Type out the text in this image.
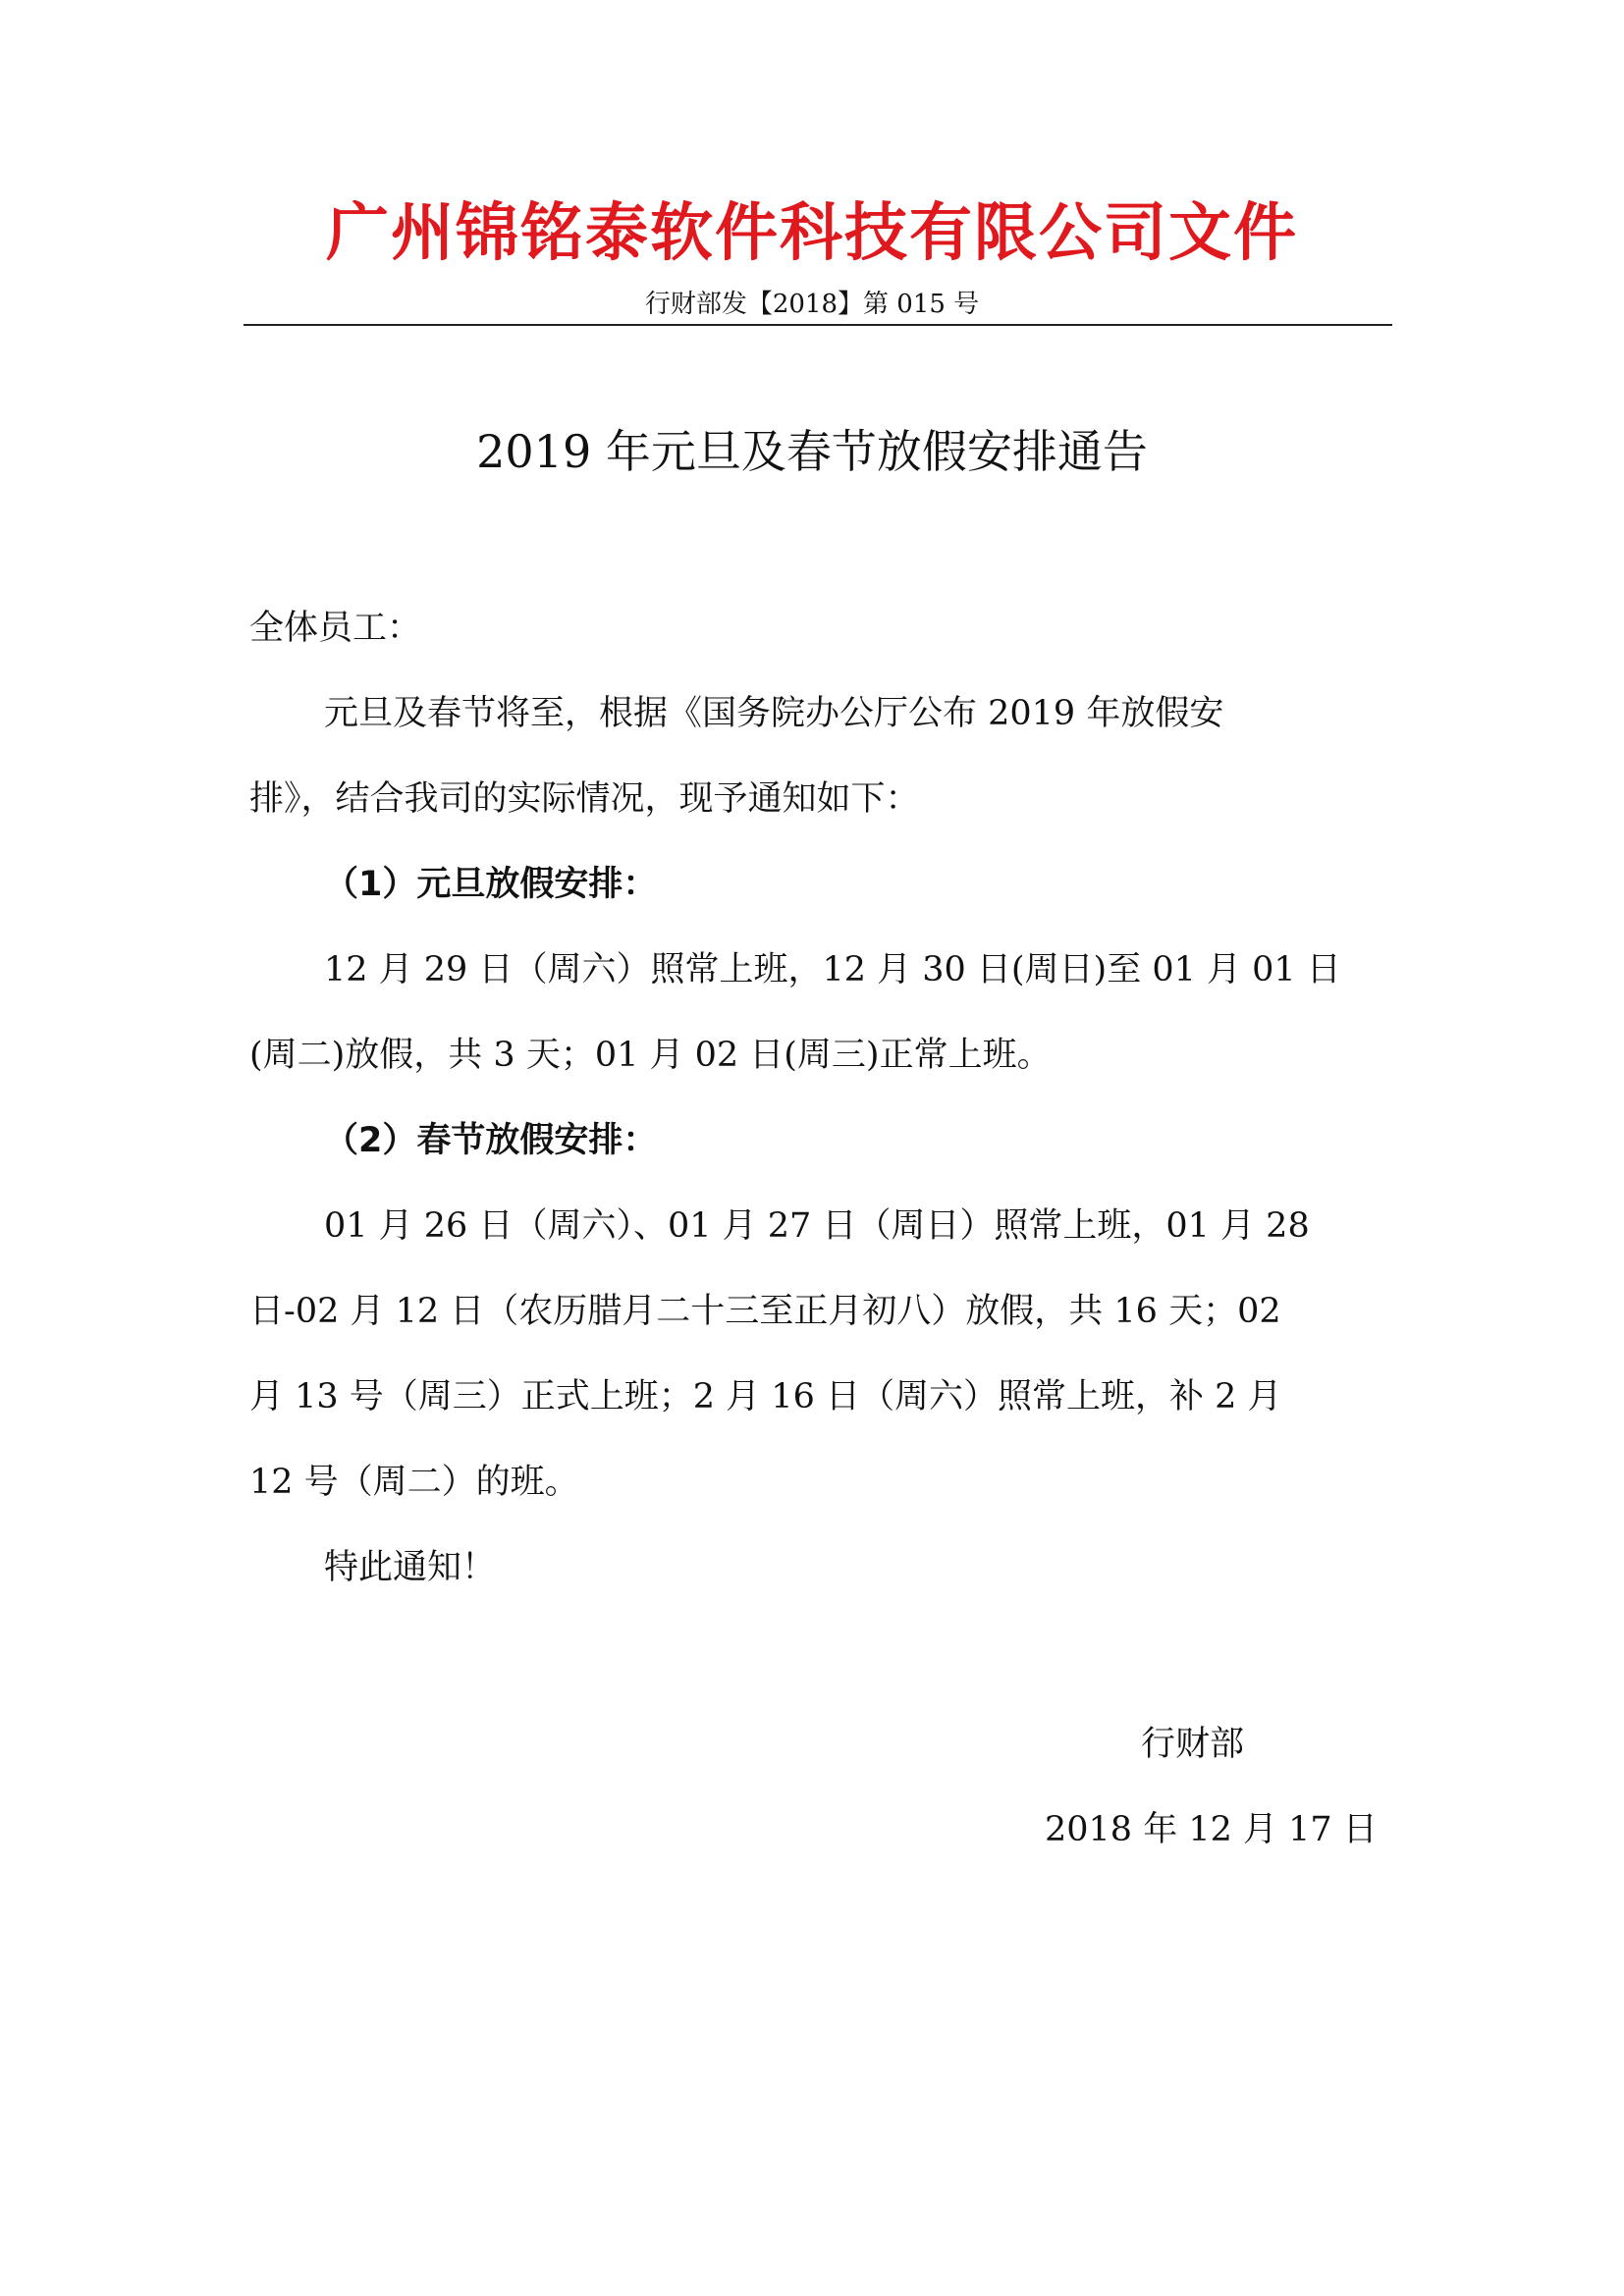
广州锦铭泰软件科技有限公司文件
行财部发【2018】第 015 号
2019 年元旦及春节放假安排通告
全体员工：
元旦及春节将至，根据《国务院办公厅公布 2019 年放假安
排》，结合我司的实际情况，现予通知如下：
（1）元旦放假安排：
12 月 29 日（周六）照常上班，12 月 30 日(周日)至 01 月 01 日
(周二)放假，共 3 天；01 月 02 日(周三)正常上班。
（2）春节放假安排：
01 月 26 日（周六）、01 月 27 日（周日）照常上班，01 月 28
日-02 月 12 日（农历腊月二十三至正月初八）放假，共 16 天；02
月 13 号（周三）正式上班；2 月 16 日（周六）照常上班，补 2 月
12 号（周二）的班。
特此通知！
行财部
2018 年 12 月 17 日
